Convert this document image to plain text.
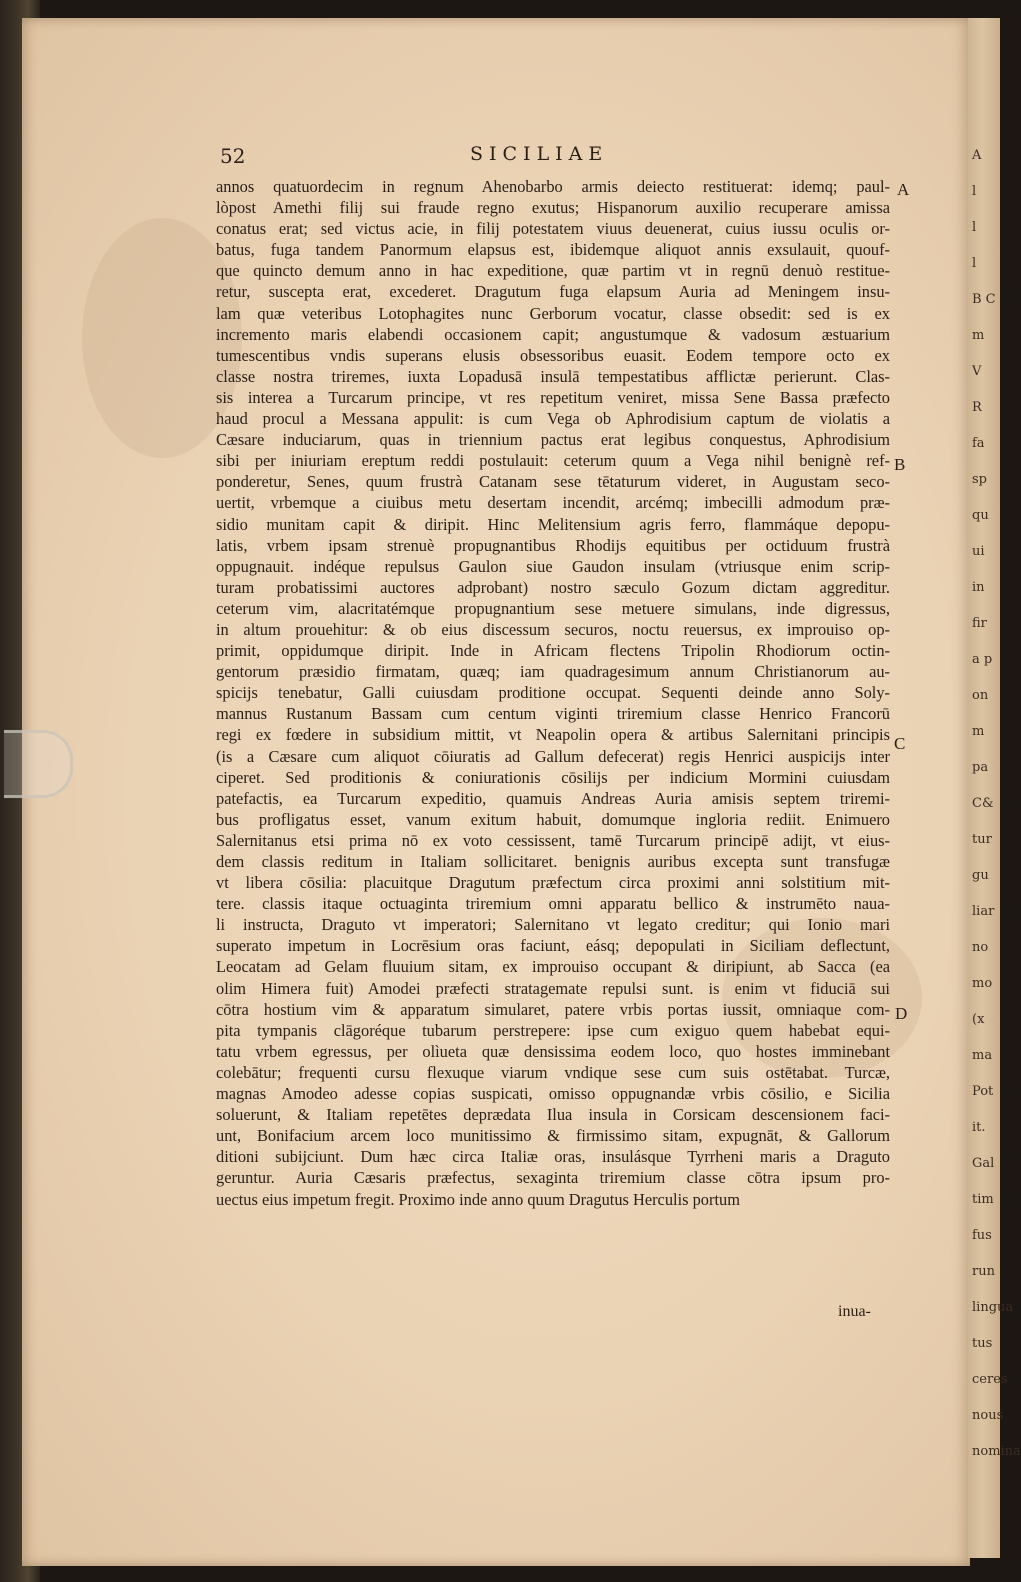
A
l
l
l
B C
m
V
R
fa
sp
qu
ui
in
fir
a p
on
m
pa
C&
tur
gu
liar
no
mo
(x
ma
Pot
it.
Gal
tim
fus
run
lingua
tus
ceres
nous
nomina
52	SICILIAE
annos quatuordecim in regnum Ahenobarbo armis deiecto restituerat: idemq; paul-
lòpost Amethi filij sui fraude regno exutus; Hispanorum auxilio recuperare amissa
conatus erat; sed victus acie, in filij potestatem viuus deuenerat, cuius iussu oculis or-
batus, fuga tandem Panormum elapsus est, ibidemque aliquot annis exsulauit, quouf-
que quincto demum anno in hac expeditione, quæ partim vt in regnū denuò restitue-
retur, suscepta erat, excederet. Dragutum fuga elapsum Auria ad Meningem insu-
lam quæ veteribus Lotophagites nunc Gerborum vocatur, classe obsedit: sed is ex
incremento maris elabendi occasionem capit; angustumque & vadosum æstuarium
tumescentibus vndis superans elusis obsessoribus euasit. Eodem tempore octo ex
classe nostra triremes, iuxta Lopadusā insulā tempestatibus afflictæ perierunt. Clas-
sis interea a Turcarum principe, vt res repetitum veniret, missa Sene Bassa præfecto
haud procul a Messana appulit: is cum Vega ob Aphrodisium captum de violatis a
Cæsare induciarum, quas in triennium pactus erat legibus conquestus, Aphrodisium
sibi per iniuriam ereptum reddi postulauit: ceterum quum a Vega nihil benignè ref-
ponderetur, Senes, quum frustrà Catanam sese tētaturum videret, in Augustam seco-
uertit, vrbemque a ciuibus metu desertam incendit, arcémq; imbecilli admodum præ-
sidio munitam capit & diripit. Hinc Melitensium agris ferro, flammáque depopu-
latis, vrbem ipsam strenuè propugnantibus Rhodijs equitibus per octiduum frustrà
oppugnauit. indéque repulsus Gaulon siue Gaudon insulam (vtriusque enim scrip-
turam probatissimi auctores adprobant) nostro sæculo Gozum dictam aggreditur.
ceterum vim, alacritatémque propugnantium sese metuere simulans, inde digressus,
in altum prouehitur: & ob eius discessum securos, noctu reuersus, ex improuiso op-
primit, oppidumque diripit. Inde in Africam flectens Tripolin Rhodiorum octin-
gentorum præsidio firmatam, quæq; iam quadragesimum annum Christianorum au-
spicijs tenebatur, Galli cuiusdam proditione occupat. Sequenti deinde anno Soly-
mannus Rustanum Bassam cum centum viginti triremium classe Henrico Francorū
regi ex fœdere in subsidium mittit, vt Neapolin opera & artibus Salernitani principis
(is a Cæsare cum aliquot cōiuratis ad Gallum defecerat) regis Henrici auspicijs inter
ciperet. Sed proditionis & coniurationis cōsilijs per indicium Mormini cuiusdam
patefactis, ea Turcarum expeditio, quamuis Andreas Auria amisis septem triremi-
bus profligatus esset, vanum exitum habuit, domumque ingloria rediit. Enimuero
Salernitanus etsi prima nō ex voto cessissent, tamē Turcarum principē adijt, vt eius-
dem classis reditum in Italiam sollicitaret. benignis auribus excepta sunt transfugæ
vt libera cōsilia: placuitque Dragutum præfectum circa proximi anni solstitium mit-
tere. classis itaque octuaginta triremium omni apparatu bellico & instrumēto naua-
li instructa, Draguto vt imperatori; Salernitano vt legato creditur; qui Ionio mari
superato impetum in Locrēsium oras faciunt, eásq; depopulati in Siciliam deflectunt,
Leocatam ad Gelam fluuium sitam, ex improuiso occupant & diripiunt, ab Sacca (ea
olim Himera fuit) Amodei præfecti stratagemate repulsi sunt. is enim vt fiduciā sui
cōtra hostium vim & apparatum simularet, patere vrbis portas iussit, omniaque com-
pita tympanis clāgoréque tubarum perstrepere: ipse cum exiguo quem habebat equi-
tatu vrbem egressus, per olìueta quæ densissima eodem loco, quo hostes imminebant
colebātur; frequenti cursu flexuque viarum vndique sese cum suis ostētabat. Turcæ,
magnas Amodeo adesse copias suspicati, omisso oppugnandæ vrbis cōsilio, e Sicilia
soluerunt, & Italiam repetētes deprædata Ilua insula in Corsicam descensionem faci-
unt, Bonifacium arcem loco munitissimo & firmissimo sitam, expugnāt, & Gallorum
ditioni subijciunt. Dum hæc circa Italiæ oras, insulásque Tyrrheni maris a Draguto
geruntur. Auria Cæsaris præfectus, sexaginta triremium classe cōtra ipsum pro-
uectus eius impetum fregit. Proximo inde anno quum Dragutus Herculis portum
A
B
C
D
inua-
